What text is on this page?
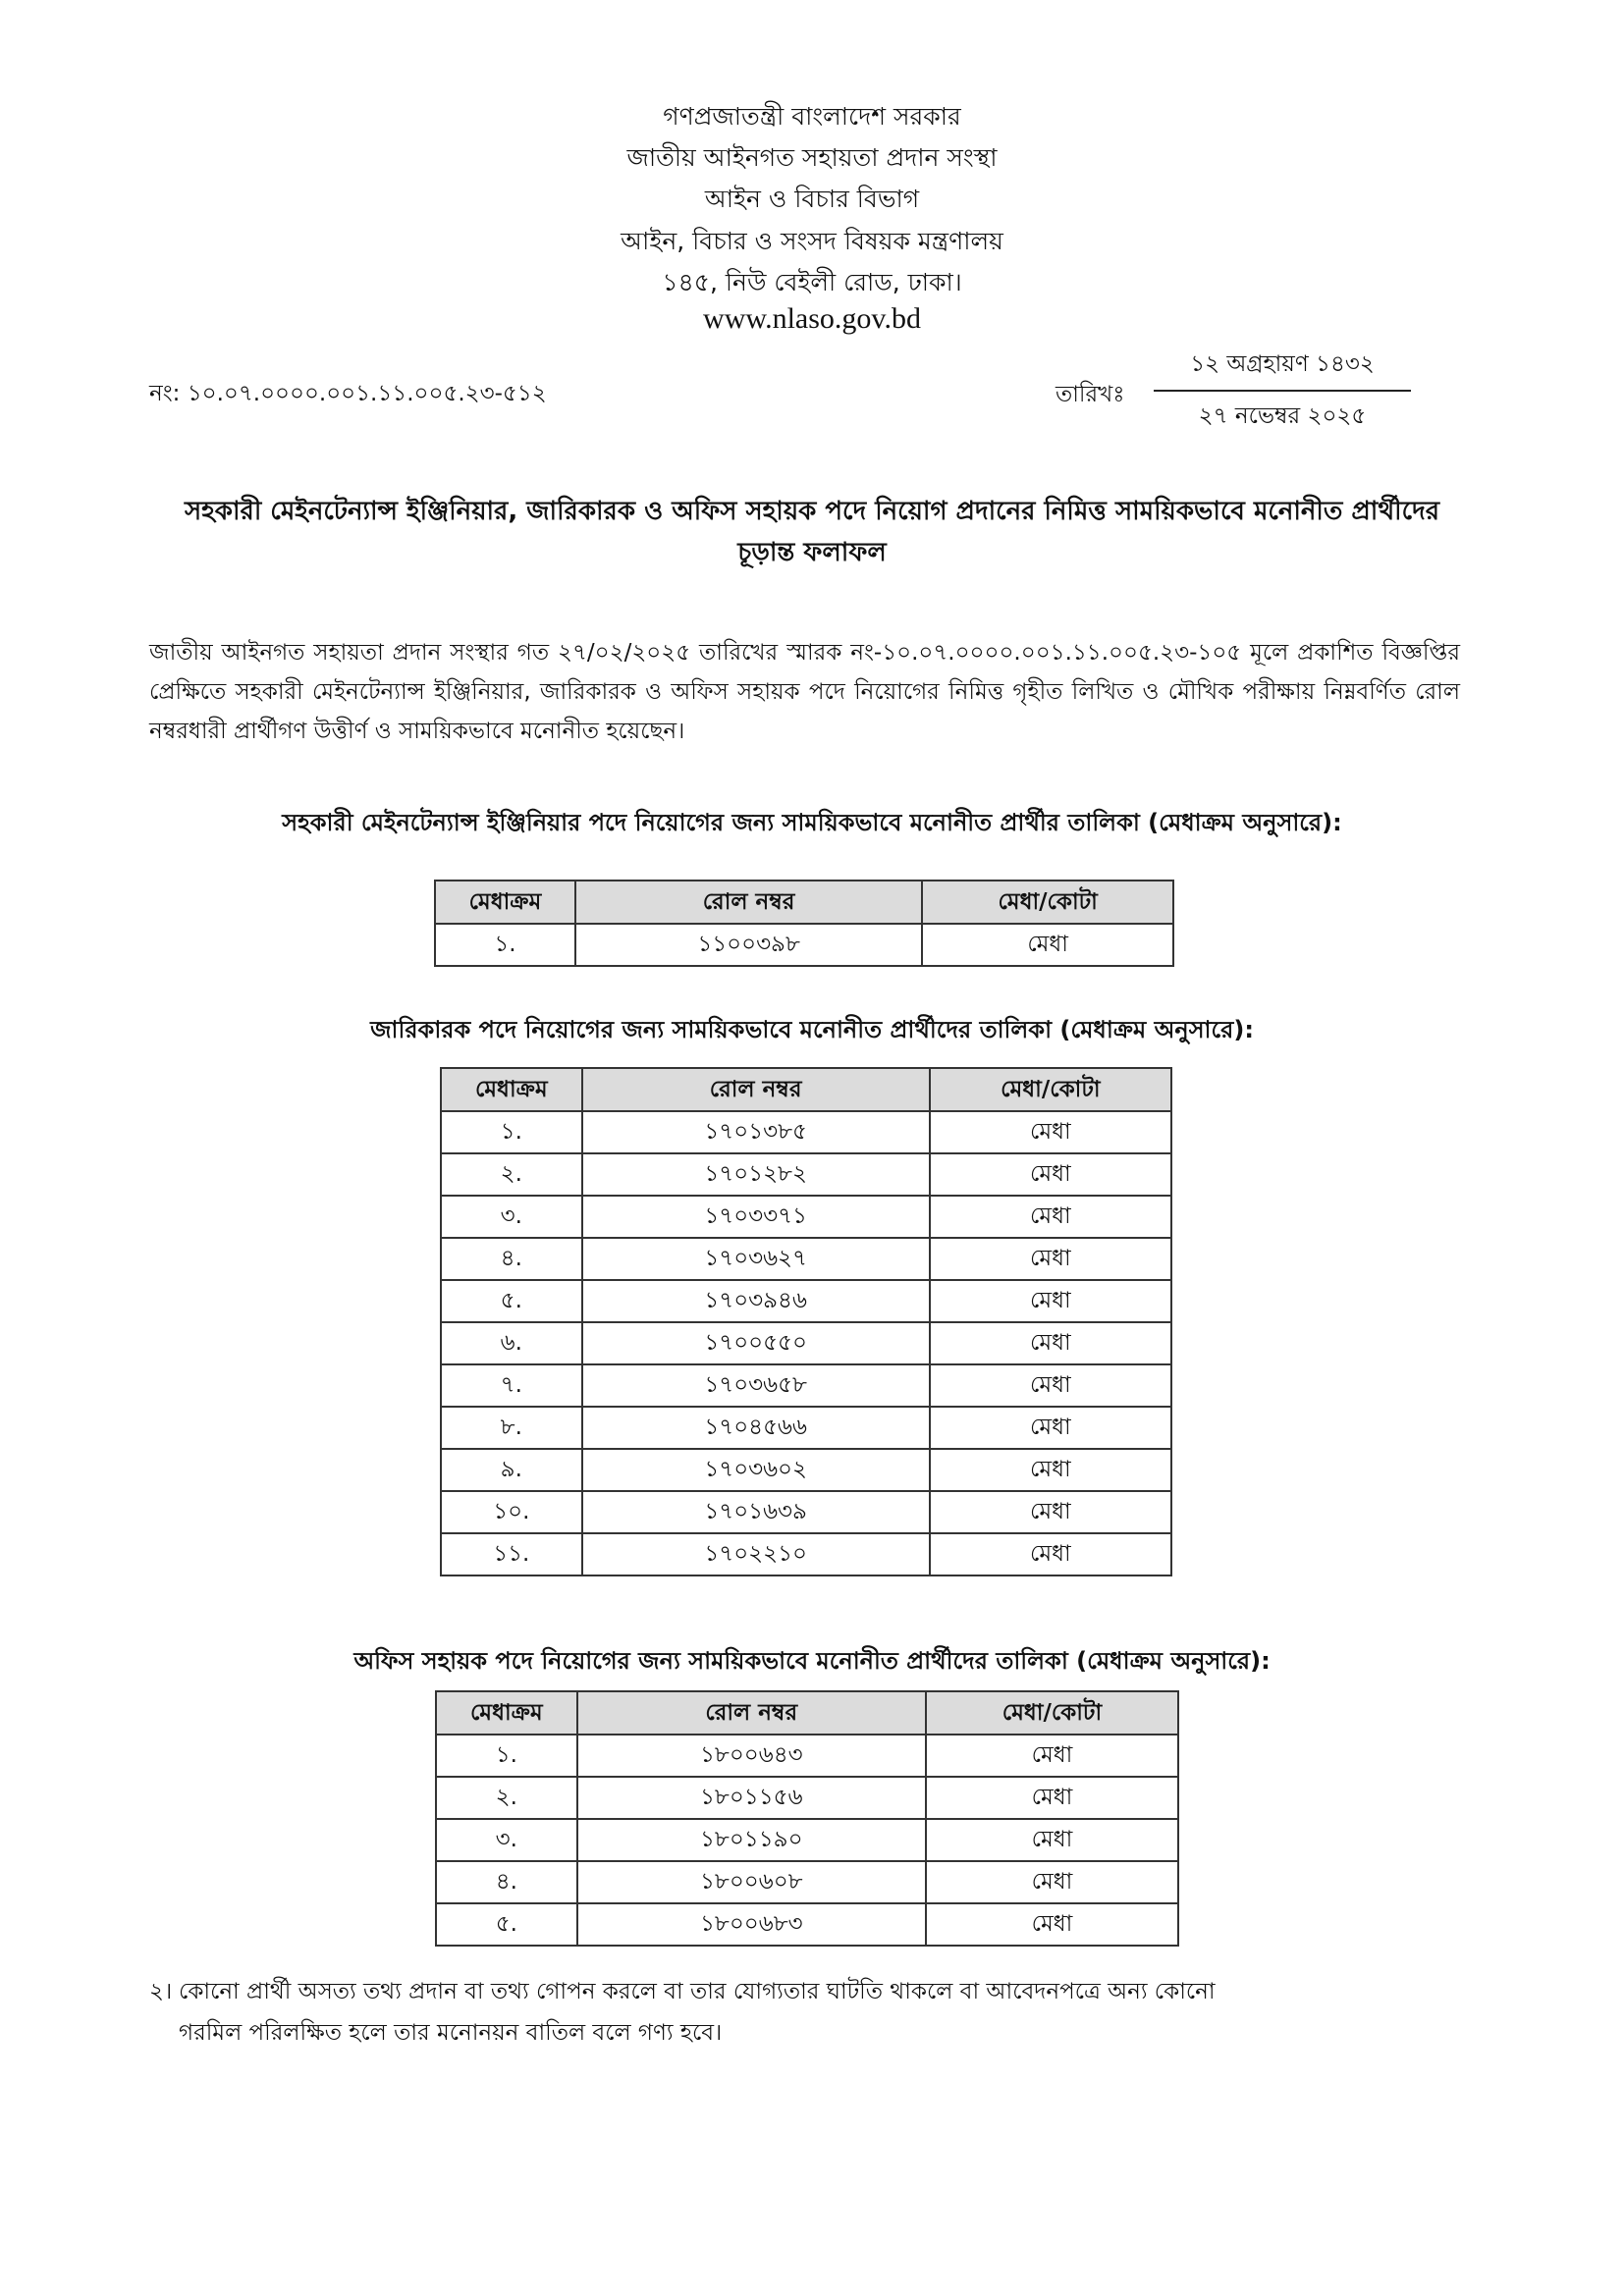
গণপ্রজাতন্ত্রী বাংলাদেশ সরকার
জাতীয় আইনগত সহায়তা প্রদান সংস্থা
আইন ও বিচার বিভাগ
আইন, বিচার ও সংসদ বিষয়ক মন্ত্রণালয়
১৪৫, নিউ বেইলী রোড, ঢাকা।
www.nlaso.gov.bd
নং: ১০.০৭.০০০০.০০১.১১.০০৫.২৩-৫১২	তারিখঃ
১২ অগ্রহায়ণ ১৪৩২
২৭ নভেম্বর ২০২৫
সহকারী মেইনটেন্যান্স ইঞ্জিনিয়ার, জারিকারক ও অফিস সহায়ক পদে নিয়োগ প্রদানের নিমিত্ত সাময়িকভাবে মনোনীত প্রার্থীদের চূড়ান্ত ফলাফল
জাতীয় আইনগত সহায়তা প্রদান সংস্থার গত ২৭/০২/২০২৫ তারিখের স্মারক নং-১০.০৭.০০০০.০০১.১১.০০৫.২৩-১০৫ মূলে প্রকাশিত বিজ্ঞপ্তির প্রেক্ষিতে সহকারী মেইনটেন্যান্স ইঞ্জিনিয়ার, জারিকারক ও অফিস সহায়ক পদে নিয়োগের নিমিত্ত গৃহীত লিখিত ও মৌখিক পরীক্ষায় নিম্নবর্ণিত রোল নম্বরধারী প্রার্থীগণ উত্তীর্ণ ও সাময়িকভাবে মনোনীত হয়েছেন।
সহকারী মেইনটেন্যান্স ইঞ্জিনিয়ার পদে নিয়োগের জন্য সাময়িকভাবে মনোনীত প্রার্থীর তালিকা (মেধাক্রম অনুসারে):
মেধাক্রম	রোল নম্বর	মেধা/কোটা
১.	১১০০৩৯৮	মেধা
জারিকারক পদে নিয়োগের জন্য সাময়িকভাবে মনোনীত প্রার্থীদের তালিকা (মেধাক্রম অনুসারে):
মেধাক্রম	রোল নম্বর	মেধা/কোটা
১.	১৭০১৩৮৫	মেধা
২.	১৭০১২৮২	মেধা
৩.	১৭০৩৩৭১	মেধা
৪.	১৭০৩৬২৭	মেধা
৫.	১৭০৩৯৪৬	মেধা
৬.	১৭০০৫৫০	মেধা
৭.	১৭০৩৬৫৮	মেধা
৮.	১৭০৪৫৬৬	মেধা
৯.	১৭০৩৬০২	মেধা
১০.	১৭০১৬৩৯	মেধা
১১.	১৭০২২১০	মেধা
অফিস সহায়ক পদে নিয়োগের জন্য সাময়িকভাবে মনোনীত প্রার্থীদের তালিকা (মেধাক্রম অনুসারে):
মেধাক্রম	রোল নম্বর	মেধা/কোটা
১.	১৮০০৬৪৩	মেধা
২.	১৮০১১৫৬	মেধা
৩.	১৮০১১৯০	মেধা
৪.	১৮০০৬০৮	মেধা
৫.	১৮০০৬৮৩	মেধা
২। কোনো প্রার্থী অসত্য তথ্য প্রদান বা তথ্য গোপন করলে বা তার যোগ্যতার ঘাটতি থাকলে বা আবেদনপত্রে অন্য কোনো
গরমিল পরিলক্ষিত হলে তার মনোনয়ন বাতিল বলে গণ্য হবে।
